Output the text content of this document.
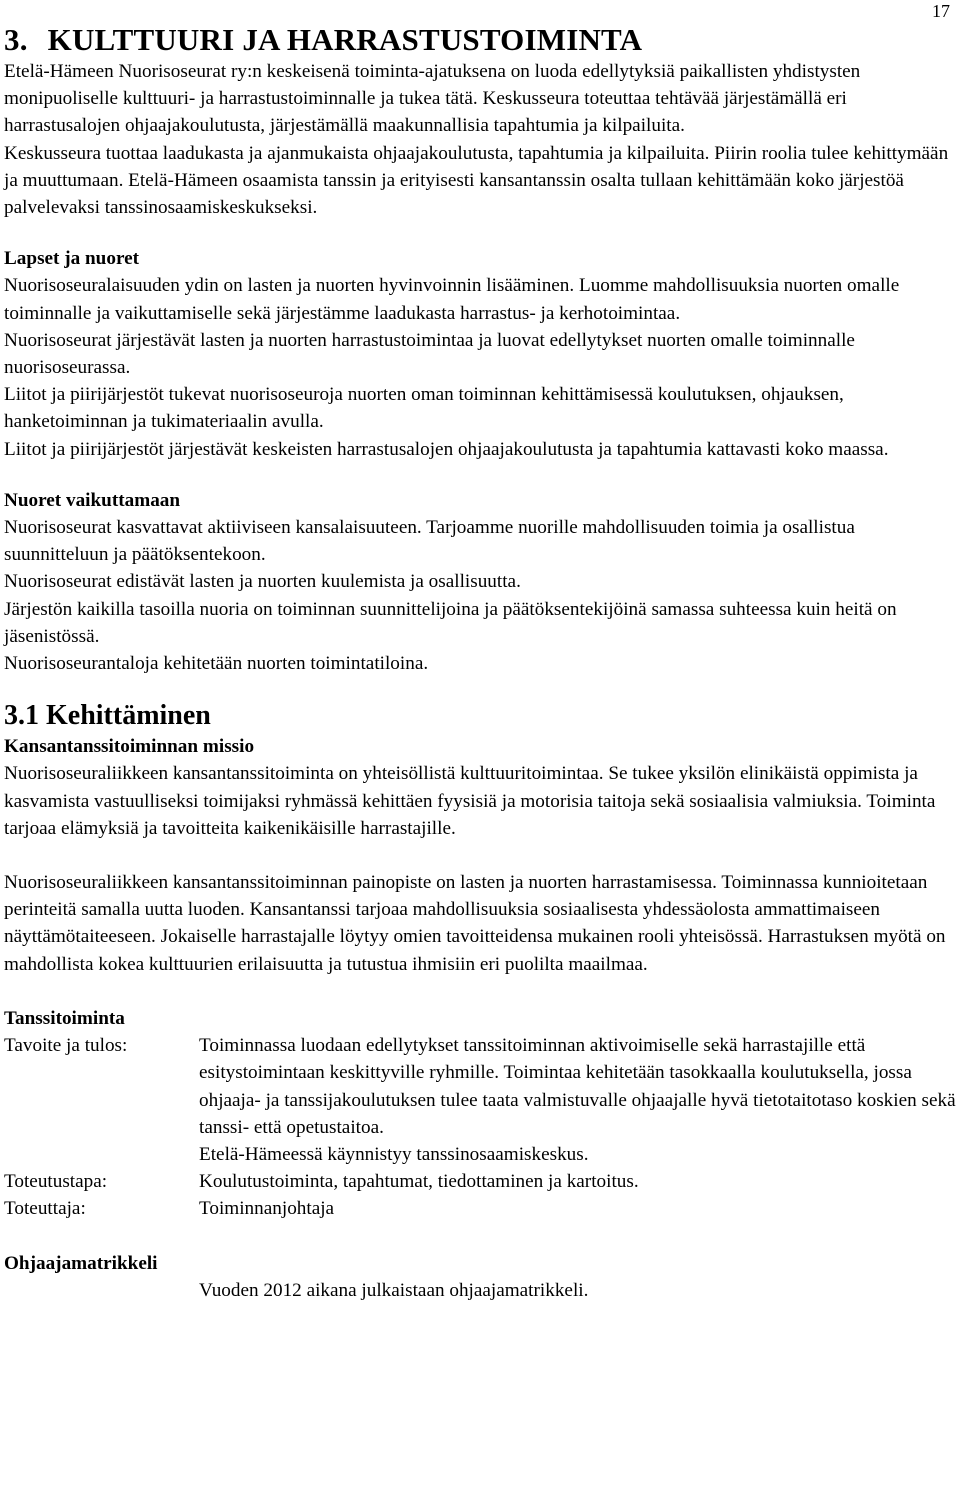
17
3. KULTTUURI JA HARRASTUSTOIMINTA

Etelä-Hämeen Nuorisoseurat ry:n keskeisenä toiminta-ajatuksena on luoda edellytyksiä paikallisten yhdistysten monipuoliselle kulttuuri- ja harrastustoiminnalle ja tukea tätä. Keskusseura toteuttaa tehtävää järjestämällä eri harrastusalojen ohjaajakoulutusta, järjestämällä maakunnallisia tapahtumia ja kilpailuita.

Keskusseura tuottaa laadukasta ja ajanmukaista ohjaajakoulutusta, tapahtumia ja kilpailuita. Piirin roolia tulee kehittymään ja muuttumaan. Etelä-Hämeen osaamista tanssin ja erityisesti kansantanssin osalta tullaan kehittämään koko järjestöä palvelevaksi tanssinosaamiskeskukseksi.

Lapset ja nuoret

Nuorisoseuralaisuuden ydin on lasten ja nuorten hyvinvoinnin lisääminen. Luomme mahdollisuuksia nuorten omalle toiminnalle ja vaikuttamiselle sekä järjestämme laadukasta harrastus- ja kerhotoimintaa.

Nuorisoseurat järjestävät lasten ja nuorten harrastustoimintaa ja luovat edellytykset nuorten omalle toiminnalle nuorisoseurassa.

Liitot ja piirijärjestöt tukevat nuorisoseuroja nuorten oman toiminnan kehittämisessä koulutuksen, ohjauksen, hanketoiminnan ja tukimateriaalin avulla.

Liitot ja piirijärjestöt järjestävät keskeisten harrastusalojen ohjaajakoulutusta ja tapahtumia kattavasti koko maassa.

Nuoret vaikuttamaan

Nuorisoseurat kasvattavat aktiiviseen kansalaisuuteen. Tarjoamme nuorille mahdollisuuden toimia ja osallistua suunnitteluun ja päätöksentekoon.

Nuorisoseurat edistävät lasten ja nuorten kuulemista ja osallisuutta.

Järjestön kaikilla tasoilla nuoria on toiminnan suunnittelijoina ja päätöksentekijöinä samassa suhteessa kuin heitä on jäsenistössä.

Nuorisoseurantaloja kehitetään nuorten toimintatiloina.

3.1 Kehittäminen
Kansantanssitoiminnan missio

Nuorisoseuraliikkeen kansantanssitoiminta on yhteisöllistä kulttuuritoimintaa. Se tukee yksilön elinikäistä oppimista ja kasvamista vastuulliseksi toimijaksi ryhmässä kehittäen fyysisiä ja motorisia taitoja sekä sosiaalisia valmiuksia. Toiminta tarjoaa elämyksiä ja tavoitteita kaikenikäisille harrastajille.

Nuorisoseuraliikkeen kansantanssitoiminnan painopiste on lasten ja nuorten harrastamisessa. Toiminnassa kunnioitetaan perinteitä samalla uutta luoden. Kansantanssi tarjoaa mahdollisuuksia sosiaalisesta yhdessäolosta ammattimaiseen näyttämötaiteeseen. Jokaiselle harrastajalle löytyy omien tavoitteidensa mukainen rooli yhteisössä. Harrastuksen myötä on mahdollista kokea kulttuurien erilaisuutta ja tutustua ihmisiin eri puolilta maailmaa.

Tanssitoiminta
Tavoite ja tulos:	Toiminnassa luodaan edellytykset tanssitoiminnan aktivoimiselle sekä harrastajille että esitystoimintaan keskittyville ryhmille. Toimintaa kehitetään tasokkaalla koulutuksella, jossa ohjaaja- ja tanssijakoulutuksen tulee taata valmistuvalle ohjaajalle hyvä tietotaitotaso koskien sekä tanssi- että opetustaitoa.
Etelä-Hämeessä käynnistyy tanssinosaamiskeskus.
Toteutustapa:	Koulutustoiminta, tapahtumat, tiedottaminen ja kartoitus.
Toteuttaja:	Toiminnanjohtaja
Ohjaajamatrikkeli
Vuoden 2012 aikana julkaistaan ohjaajamatrikkeli.
